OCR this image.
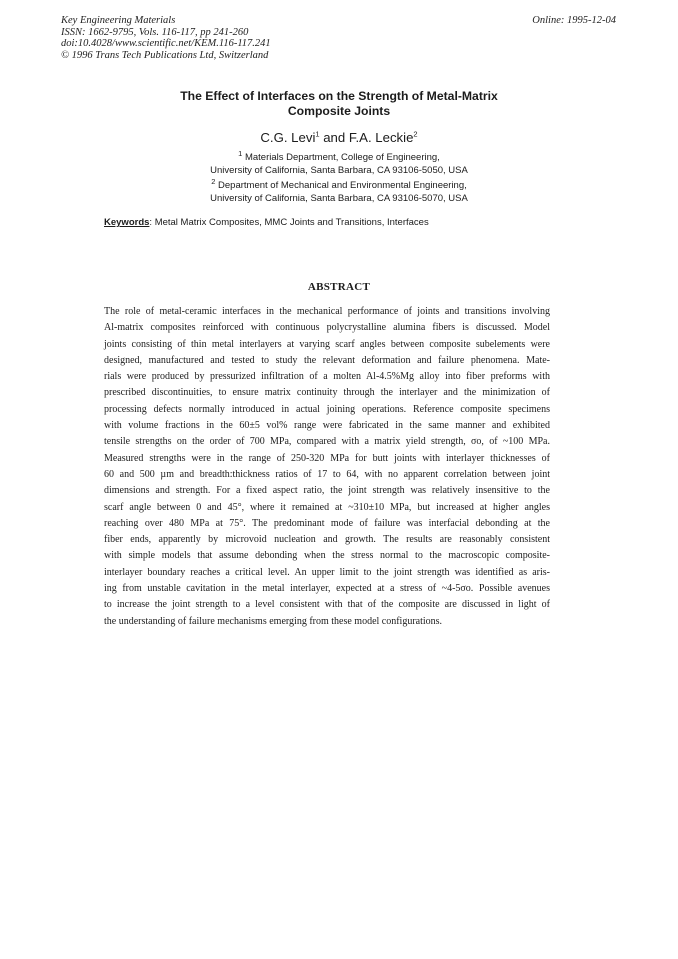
Key Engineering Materials
ISSN: 1662-9795, Vols. 116-117, pp 241-260
doi:10.4028/www.scientific.net/KEM.116-117.241
© 1996 Trans Tech Publications Ltd, Switzerland
Online: 1995-12-04
The Effect of Interfaces on the Strength of Metal-Matrix
Composite Joints
C.G. Levi$^1$ and F.A. Leckie$^2$
$^1$ Materials Department, College of Engineering,
University of California, Santa Barbara, CA 93106-5050, USA
$^2$ Department of Mechanical and Environmental Engineering,
University of California, Santa Barbara, CA 93106-5070, USA
Keywords: Metal Matrix Composites, MMC Joints and Transitions, Interfaces
ABSTRACT
The role of metal-ceramic interfaces in the mechanical performance of joints and transitions involving
Al-matrix composites reinforced with continuous polycrystalline alumina fibers is discussed. Model
joints consisting of thin metal interlayers at varying scarf angles between composite subelements were
designed, manufactured and tested to study the relevant deformation and failure phenomena. Mate-
rials were produced by pressurized infiltration of a molten Al-4.5%Mg alloy into fiber preforms with
prescribed discontinuities, to ensure matrix continuity through the interlayer and the minimization of
processing defects normally introduced in actual joining operations. Reference composite specimens
with volume fractions in the 60±5 vol% range were fabricated in the same manner and exhibited
tensile strengths on the order of 700 MPa, compared with a matrix yield strength, σo, of ~100 MPa.
Measured strengths were in the range of 250-320 MPa for butt joints with interlayer thicknesses of
60 and 500 µm and breadth:thickness ratios of 17 to 64, with no apparent correlation between joint
dimensions and strength. For a fixed aspect ratio, the joint strength was relatively insensitive to the
scarf angle between 0 and 45°, where it remained at ~310±10 MPa, but increased at higher angles
reaching over 480 MPa at 75°. The predominant mode of failure was interfacial debonding at the
fiber ends, apparently by microvoid nucleation and growth. The results are reasonably consistent
with simple models that assume debonding when the stress normal to the macroscopic composite-
interlayer boundary reaches a critical level. An upper limit to the joint strength was identified as aris-
ing from unstable cavitation in the metal interlayer, expected at a stress of ~4-5σo. Possible avenues
to increase the joint strength to a level consistent with that of the composite are discussed in light of
the understanding of failure mechanisms emerging from these model configurations.
